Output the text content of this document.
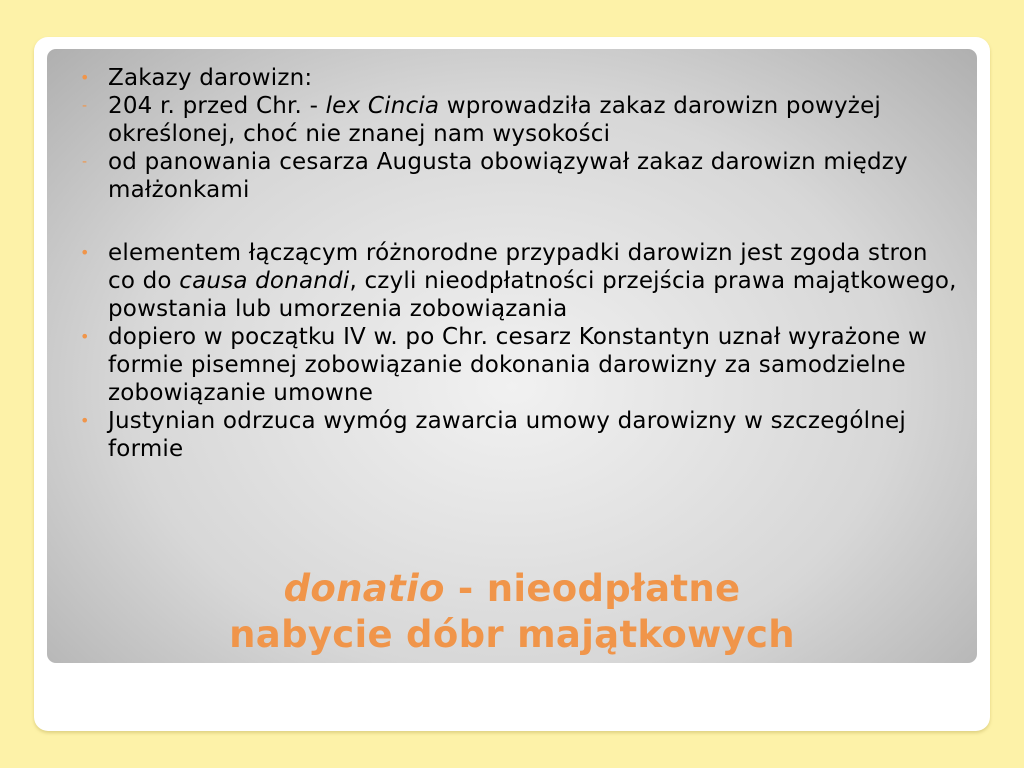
• Zakazy darowizn:
- 204 r. przed Chr. - lex Cincia wprowadziła zakaz darowizn powyżej określonej, choć nie znanej nam wysokości
- od panowania cesarza Augusta obowiązywał zakaz darowizn między małżonkami
• elementem łączącym różnorodne przypadki darowizn jest zgoda stron co do causa donandi, czyli nieodpłatności przejścia prawa majątkowego, powstania lub umorzenia zobowiązania
• dopiero w początku IV w. po Chr. cesarz Konstantyn uznał wyrażone w formie pisemnej zobowiązanie dokonania darowizny za samodzielne zobowiązanie umowne
• Justynian odrzuca wymóg zawarcia umowy darowizny w szczególnej formie
donatio - nieodpłatne
nabycie dóbr majątkowych
